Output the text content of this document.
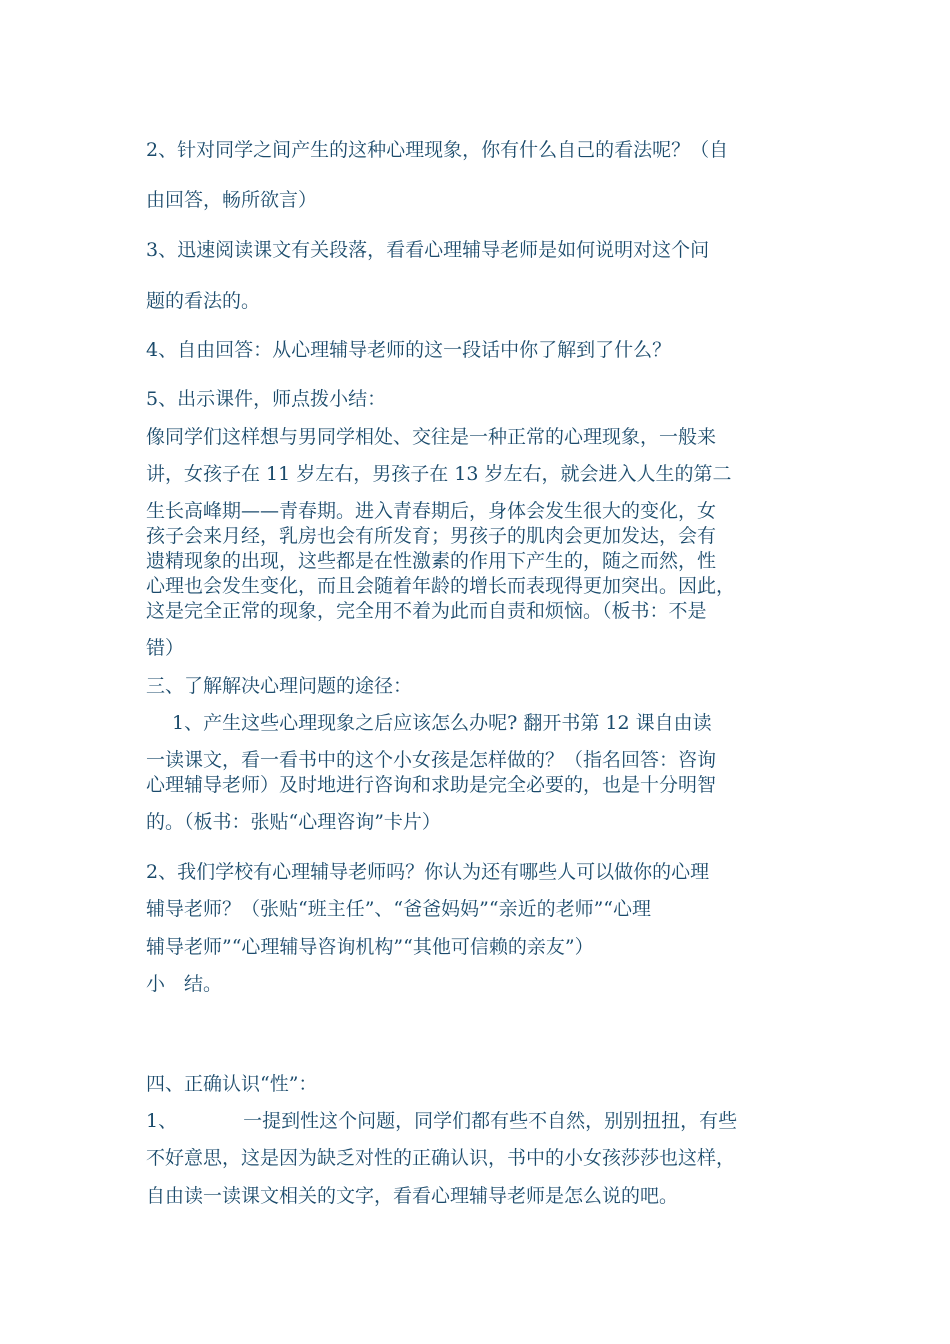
2、针对同学之间产生的这种心理现象，你有什么自己的看法呢？（自
由回答，畅所欲言）
3、迅速阅读课文有关段落，看看心理辅导老师是如何说明对这个问
题的看法的。
4、自由回答：从心理辅导老师的这一段话中你了解到了什么？
5、出示课件，师点拨小结：
像同学们这样想与男同学相处、交往是一种正常的心理现象，一般来
讲，女孩子在 11 岁左右，男孩子在 13 岁左右，就会进入人生的第二
生长高峰期——青春期。进入青春期后，身体会发生很大的变化，女
孩子会来月经，乳房也会有所发育；男孩子的肌肉会更加发达，会有
遗精现象的出现，这些都是在性激素的作用下产生的，随之而然，性
心理也会发生变化，而且会随着年龄的增长而表现得更加突出。因此，
这是完全正常的现象，完全用不着为此而自责和烦恼。（板书：不是
错）
三、了解解决心理问题的途径：
1、产生这些心理现象之后应该怎么办呢? 翻开书第 12 课自由读
一读课文，看一看书中的这个小女孩是怎样做的？（指名回答：咨询
心理辅导老师）及时地进行咨询和求助是完全必要的，也是十分明智
的。（板书：张贴“心理咨询”卡片）
2、我们学校有心理辅导老师吗？你认为还有哪些人可以做你的心理
辅导老师？（张贴“班主任”、“爸爸妈妈”“亲近的老师”“心理
辅导老师”“心理辅导咨询机构”“其他可信赖的亲友”）
小　结。
四、正确认识“性”：
1、	一提到性这个问题，同学们都有些不自然，别别扭扭，有些
不好意思，这是因为缺乏对性的正确认识，书中的小女孩莎莎也这样，
自由读一读课文相关的文字，看看心理辅导老师是怎么说的吧。
